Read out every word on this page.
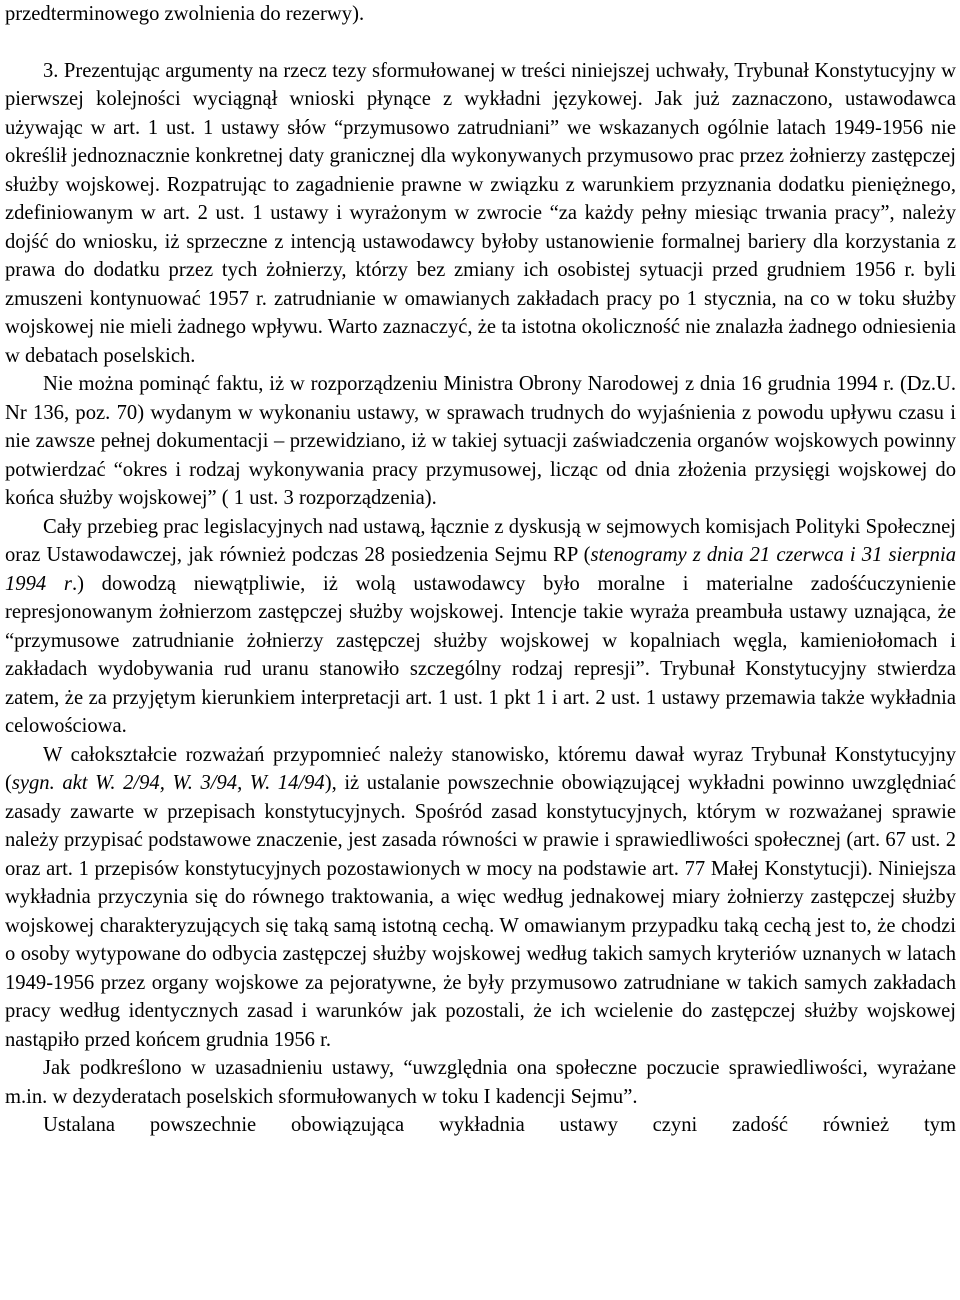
przedterminowego zwolnienia do rezerwy).

3. Prezentując argumenty na rzecz tezy sformułowanej w treści niniejszej uchwały, Trybunał Konstytucyjny w pierwszej kolejności wyciągnął wnioski płynące z wykładni językowej. Jak już zaznaczono, ustawodawca używając w art. 1 ust. 1 ustawy słów “przymusowo zatrudniani” we wskazanych ogólnie latach 1949-1956 nie określił jednoznacznie konkretnej daty granicznej dla wykonywanych przymusowo prac przez żołnierzy zastępczej służby wojskowej. Rozpatrując to zagadnienie prawne w związku z warunkiem przyznania dodatku pieniężnego, zdefiniowanym w art. 2 ust. 1 ustawy i wyrażonym w zwrocie “za każdy pełny miesiąc trwania pracy”, należy dojść do wniosku, iż sprzeczne z intencją ustawodawcy byłoby ustanowienie formalnej bariery dla korzystania z prawa do dodatku przez tych żołnierzy, którzy bez zmiany ich osobistej sytuacji przed grudniem 1956 r. byli zmuszeni kontynuować 1957 r. zatrudnianie w omawianych zakładach pracy po 1 stycznia, na co w toku służby wojskowej nie mieli żadnego wpływu. Warto zaznaczyć, że ta istotna okoliczność nie znalazła żadnego odniesienia w debatach poselskich.

Nie można pominąć faktu, iż w rozporządzeniu Ministra Obrony Narodowej z dnia 16 grudnia 1994 r. (Dz.U. Nr 136, poz. 70) wydanym w wykonaniu ustawy, w sprawach trudnych do wyjaśnienia z powodu upływu czasu i nie zawsze pełnej dokumentacji – przewidziano, iż w takiej sytuacji zaświadczenia organów wojskowych powinny potwierdzać “okres i rodzaj wykonywania pracy przymusowej, licząc od dnia złożenia przysięgi wojskowej do końca służby wojskowej” ( 1 ust. 3 rozporządzenia).

Cały przebieg prac legislacyjnych nad ustawą, łącznie z dyskusją w sejmowych komisjach Polityki Społecznej oraz Ustawodawczej, jak również podczas 28 posiedzenia Sejmu RP (stenogramy z dnia 21 czerwca i 31 sierpnia 1994 r.) dowodzą niewątpliwie, iż wolą ustawodawcy było moralne i materialne zadośćuczynienie represjonowanym żołnierzom zastępczej służby wojskowej. Intencje takie wyraża preambuła ustawy uznająca, że “przymusowe zatrudnianie żołnierzy zastępczej służby wojskowej w kopalniach węgla, kamieniołomach i zakładach wydobywania rud uranu stanowiło szczególny rodzaj represji”. Trybunał Konstytucyjny stwierdza zatem, że za przyjętym kierunkiem interpretacji art. 1 ust. 1 pkt 1 i art. 2 ust. 1 ustawy przemawia także wykładnia celowościowa.

W całokształcie rozważań przypomnieć należy stanowisko, któremu dawał wyraz Trybunał Konstytucyjny (sygn. akt W. 2/94, W. 3/94, W. 14/94), iż ustalanie powszechnie obowiązującej wykładni powinno uwzględniać zasady zawarte w przepisach konstytucyjnych. Spośród zasad konstytucyjnych, którym w rozważanej sprawie należy przypisać podstawowe znaczenie, jest zasada równości w prawie i sprawiedliwości społecznej (art. 67 ust. 2 oraz art. 1 przepisów konstytucyjnych pozostawionych w mocy na podstawie art. 77 Małej Konstytucji). Niniejsza wykładnia przyczynia się do równego traktowania, a więc według jednakowej miary żołnierzy zastępczej służby wojskowej charakteryzujących się taką samą istotną cechą. W omawianym przypadku taką cechą jest to, że chodzi o osoby wytypowane do odbycia zastępczej służby wojskowej według takich samych kryteriów uznanych w latach 1949-1956 przez organy wojskowe za pejoratywne, że były przymusowo zatrudniane w takich samych zakładach pracy według identycznych zasad i warunków jak pozostali, że ich wcielenie do zastępczej służby wojskowej nastąpiło przed końcem grudnia 1956 r.

Jak podkreślono w uzasadnieniu ustawy, “uwzględnia ona społeczne poczucie sprawiedliwości, wyrażane m.in. w dezyderatach poselskich sformułowanych w toku I kadencji Sejmu”.

Ustalana powszechnie obowiązująca wykładnia ustawy czyni zadość również tym
